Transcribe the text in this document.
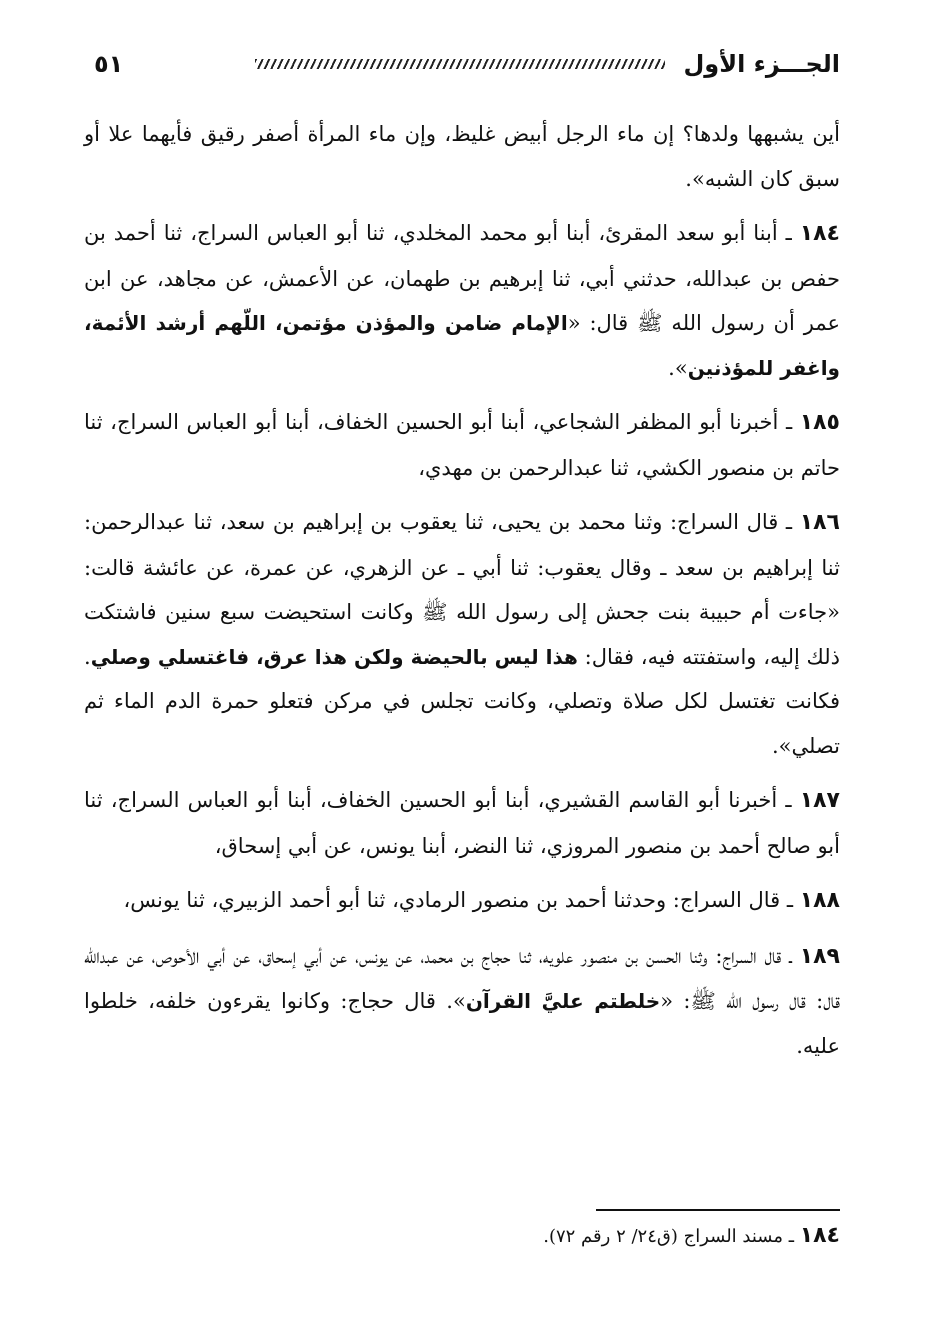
الجـــزء الأول
٥١

أين يشبهها ولدها؟ إن ماء الرجل أبيض غليظ، وإن ماء المرأة أصفر رقيق فأيهما علا أو سبق كان الشبه».

١٨٤ ـ أبنا أبو سعد المقرئ، أبنا أبو محمد المخلدي، ثنا أبو العباس السراج، ثنا أحمد بن حفص بن عبدالله، حدثني أبي، ثنا إبرهيم بن طهمان، عن الأعمش، عن مجاهد، عن ابن عمر أن رسول الله ﷺ قال: «الإمام ضامن والمؤذن مؤتمن، اللّهم أرشد الأئمة، واغفر للمؤذنين».

١٨٥ ـ أخبرنا أبو المظفر الشجاعي، أبنا أبو الحسين الخفاف، أبنا أبو العباس السراج، ثنا حاتم بن منصور الكشي، ثنا عبدالرحمن بن مهدي،

١٨٦ ـ قال السراج: وثنا محمد بن يحيى، ثنا يعقوب بن إبراهيم بن سعد، ثنا عبدالرحمن: ثنا إبراهيم بن سعد ـ وقال يعقوب: ثنا أبي ـ عن الزهري، عن عمرة، عن عائشة قالت: «جاءت أم حبيبة بنت جحش إلى رسول الله ﷺ وكانت استحيضت سبع سنين فاشتكت ذلك إليه، واستفتته فيه، فقال: هذا ليس بالحيضة ولكن هذا عرق، فاغتسلي وصلي. فكانت تغتسل لكل صلاة وتصلي، وكانت تجلس في مركن فتعلو حمرة الدم الماء ثم تصلي».

١٨٧ ـ أخبرنا أبو القاسم القشيري، أبنا أبو الحسين الخفاف، أبنا أبو العباس السراج، ثنا أبو صالح أحمد بن منصور المروزي، ثنا النضر، أبنا يونس، عن أبي إسحاق،

١٨٨ ـ قال السراج: وحدثنا أحمد بن منصور الرمادي، ثنا أبو أحمد الزبيري، ثنا يونس،

١٨٩ ـ قال السراج: وثنا الحسن بن منصور علويه، ثنا حجاج بن محمد، عن يونس، عن أبي إسحاق، عن أبي الأحوص، عن عبدالله قال: قال رسول الله ﷺ: «خلطتم عليَّ القرآن». قال حجاج: وكانوا يقرءون خلفه، خلطوا عليه.

١٨٤ ـ مسند السراج (ق٢٤/ ٢ رقم ٧٢).
